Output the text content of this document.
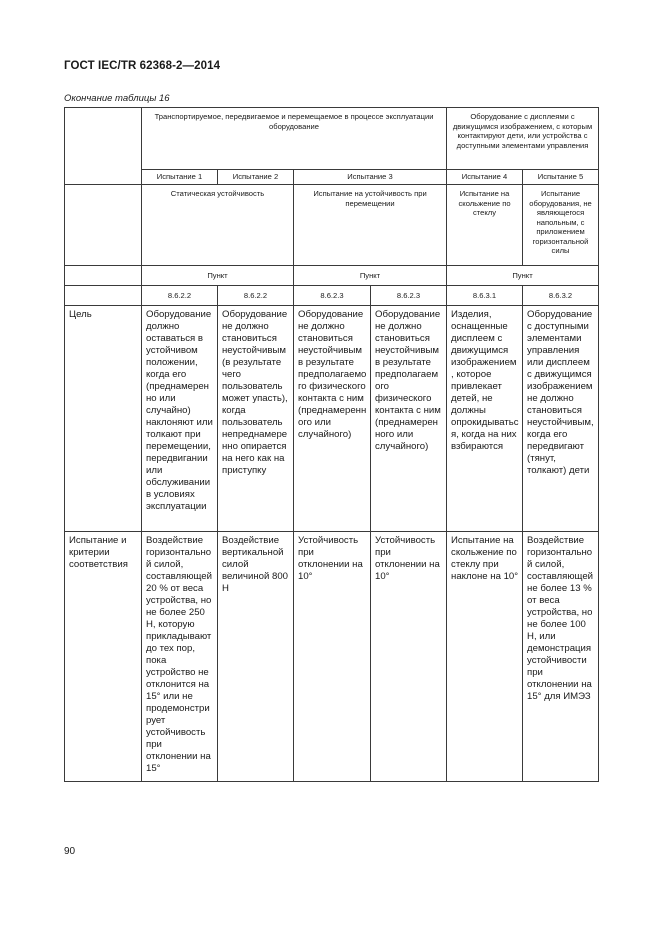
ГОСТ IEC/TR 62368-2—2014
Окончание таблицы 16
	Транспортируемое, передвигаемое и перемещаемое в процессе эксплуатации оборудование				Оборудование с дисплеями с движущимся изображением, с которым контактируют дети, или устройства с доступными элементами управления	
	Испытание 1	Испытание 2	Испытание 3		Испытание 4	Испытание 5
	Статическая устойчивость		Испытание на устойчивость при перемещении		Испытание на скольжение по стеклу	Испытание оборудования, не являющегося напольным, с приложением горизонтальной силы
	Пункт		Пункт		Пункт	
	8.6.2.2	8.6.2.2	8.6.2.3	8.6.2.3	8.6.3.1	8.6.3.2
Цель	Оборудование должно оставаться в устойчивом положении, когда его (преднамеренно или случайно) наклоняют или толкают при перемещении, передвигании или обслуживании в условиях эксплуатации	Оборудование не должно становиться неустойчивым (в результате чего пользователь может упасть), когда пользователь непреднамеренно опирается на него как на приступку	Оборудование не должно становиться неустойчивым в результате предполагаемого физического контакта с ним (преднамеренного или случайного)	Оборудование не должно становиться неустойчивым в результате предполагаемого физического контакта с ним (преднамеренного или случайного)	Изделия, оснащенные дисплеем с движущимся изображением, которое привлекает детей, не должны опрокидываться, когда на них взбираются	Оборудование с доступными элементами управления или дисплеем с движущимся изображением не должно становиться неустойчивым, когда его передвигают (тянут, толкают) дети
Испытание и критерии соответствия	Воздействие горизонтальной силой, составляющей 20 % от веса устройства, но не более 250 Н, которую прикладывают до тех пор, пока устройство не отклонится на 15° или не продемонстрирует устойчивость при отклонении на 15°	Воздействие вертикальной силой величиной 800 Н	Устойчивость при отклонении на 10°	Устойчивость при отклонении на 10°	Испытание на скольжение по стеклу при наклоне на 10°	Воздействие горизонтальной силой, составляющей не более 13 % от веса устройства, но не более 100 Н, или демонстрация устойчивости при отклонении на 15° для ИМЭЗ
90
